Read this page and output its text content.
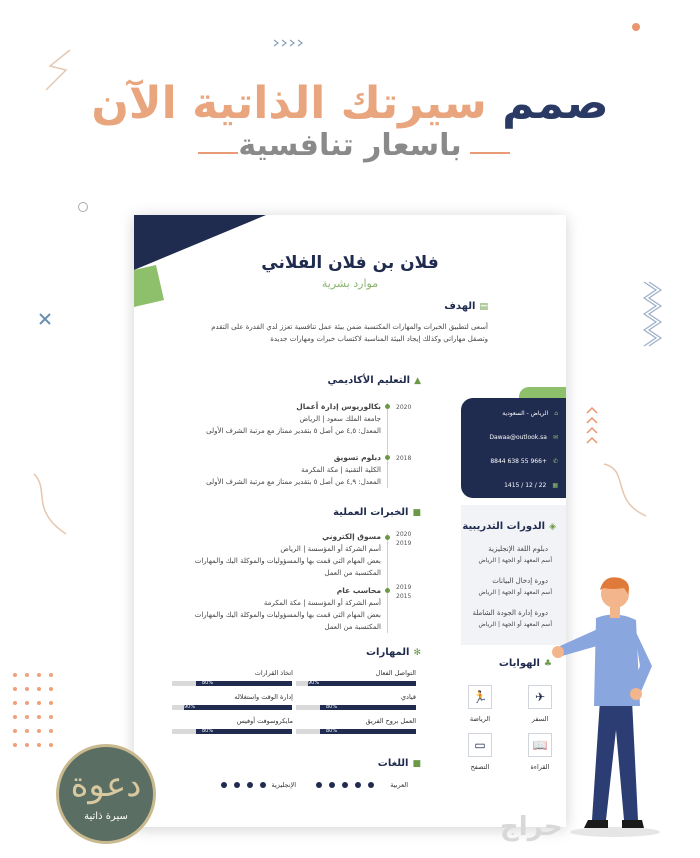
صمم سيرتك الذاتية الآن
باسعار تنافسية
فلان بن فلان الفلاني
موارد بشرية
▤الهدف
أسعى لتطبيق الخبرات والمهارات المكتسبة ضمن بيئة عمل تنافسية تعزز لدي القدرة على التقدم
وتصقل مهاراتي وكذلك إيجاد البيئة المناسبة لاكتساب خبرات ومهارات جديدة
▲التعليم الأكاديمي
2020
بكالوريوس إدارة أعمال
جامعة الملك سعود | الرياض
المعدل: ٤,٥ من أصل ٥ بتقدير ممتاز مع مرتبة الشرف الأولى
2018
دبلوم تسويق
الكلية التقنية | مكة المكرمة
المعدل: ٤,٩ من أصل ٥ بتقدير ممتاز مع مرتبة الشرف الأولى
■الخبرات العملية
2020
2019
مسوق إلكتروني
أسم الشركة أو المؤسسة | الرياض
بعض المهام التي قمت بها والمسؤوليات والموكلة اليك والمهارات
المكتسبة من العمل
2019
2015
محاسب عام
أسم الشركة أو المؤسسة | مكة المكرمة
بعض المهام التي قمت بها والمسؤوليات والموكلة اليك والمهارات
المكتسبة من العمل
⌂الرياض - السعودية
✉Dawaa@outlook.sa
✆+966 55 638 8844
▦22 / 12 / 1415
◈الدورات التدريبية
دبلوم اللغة الإنجليزية
أسم المعهد أو الجهة | الرياض
دورة إدخال البيانات
أسم المعهد أو الجهة | الرياض
دورة إدارة الجودة الشاملة
أسم المعهد أو الجهة | الرياض
✻المهارات
التواصل الفعال
اتخاذ القرارات
قيادي
إدارة الوقت واستغلاله
العمل بروح الفريق
مايكروسوفت أوفيس
90%
80%
80%
90%
80%
80%
♣الهوايات
✈
السفر
🏃
الرياضة
📖
القراءة
▭
التصفح
■اللغات
العربية
الإنجليزية
دعوة
سيرة ذاتية	حراج
